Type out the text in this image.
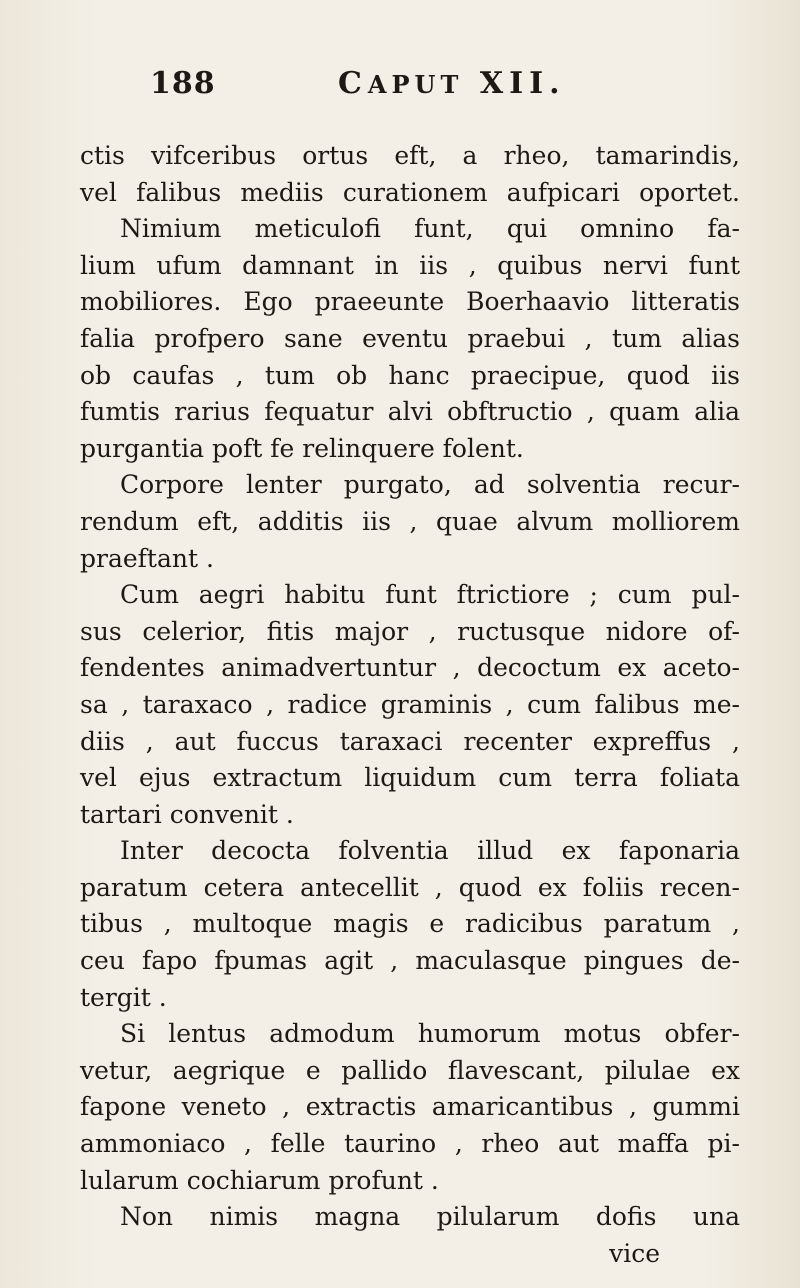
188	CAPUT XII.
ctis vifceribus ortus eft, a rheo, tamarindis,
vel falibus mediis curationem aufpicari oportet.
Nimium meticulofi funt, qui omnino fa-
lium ufum damnant in iis , quibus nervi funt
mobiliores. Ego praeeunte Boerhaavio litteratis
falia profpero sane eventu praebui , tum alias
ob caufas , tum ob hanc praecipue, quod iis
fumtis rarius fequatur alvi obftructio , quam alia
purgantia poft fe relinquere folent.
Corpore lenter purgato, ad solventia recur-
rendum eft, additis iis , quae alvum molliorem
praeftant .
Cum aegri habitu funt ftrictiore ; cum pul-
sus celerior, fitis major , ructusque nidore of-
fendentes animadvertuntur , decoctum ex aceto-
sa , taraxaco , radice graminis , cum falibus me-
diis , aut fuccus taraxaci recenter expreffus ,
vel ejus extractum liquidum cum terra foliata
tartari convenit .
Inter decocta folventia illud ex faponaria
paratum cetera antecellit , quod ex foliis recen-
tibus , multoque magis e radicibus paratum ,
ceu fapo fpumas agit , maculasque pingues de-
tergit .
Si lentus admodum humorum motus obfer-
vetur, aegrique e pallido flavescant, pilulae ex
fapone veneto , extractis amaricantibus , gummi
ammoniaco , felle taurino , rheo aut maffa pi-
lularum cochiarum profunt .
Non nimis magna pilularum dofis una
vice
